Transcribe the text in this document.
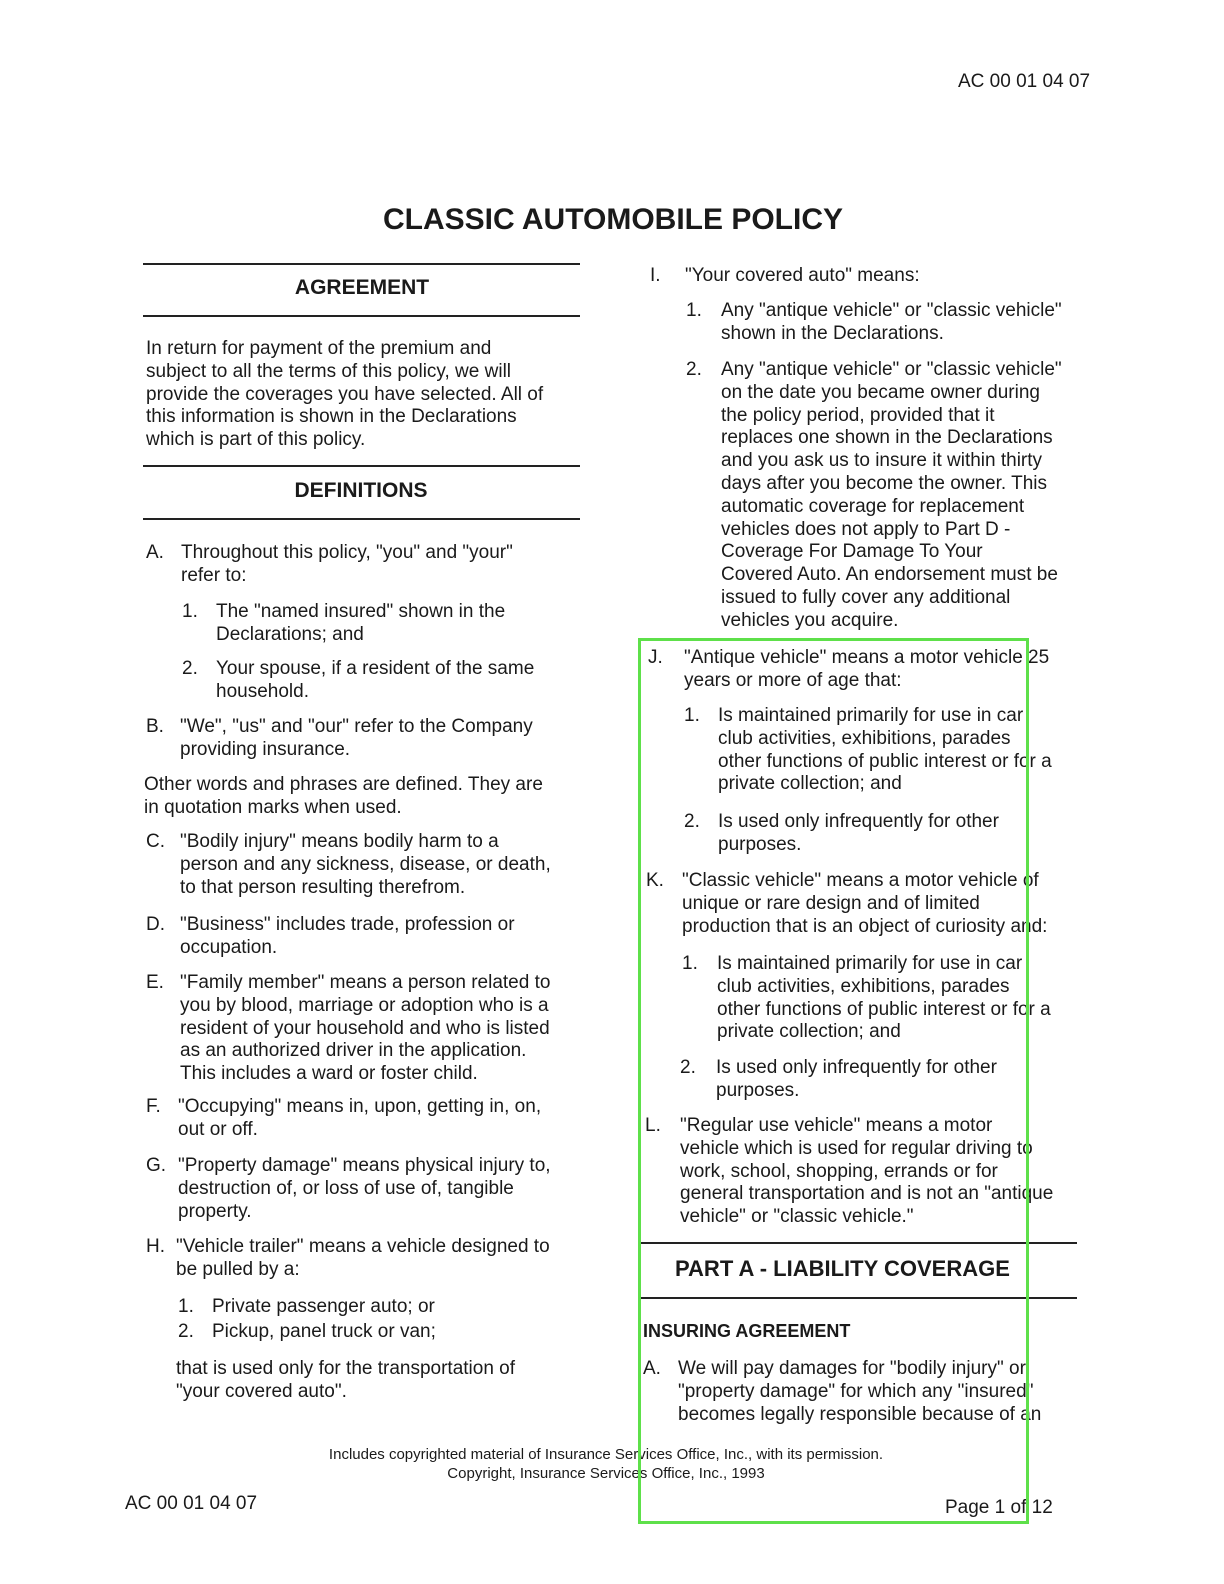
AC 00 01 04 07
CLASSIC AUTOMOBILE POLICY
AGREEMENT
DEFINITIONS
PART A - LIABILITY COVERAGE
INSURING AGREEMENT
In return for payment of the premium and
subject to all the terms of this policy, we will
provide the coverages you have selected. All of
this information is shown in the Declarations
which is part of this policy.
A. Throughout this policy, "you" and "your"
refer to:
1. The "named insured" shown in the
Declarations; and
2. Your spouse, if a resident of the same
household.
B. "We", "us" and "our" refer to the Company
providing insurance.
Other words and phrases are defined. They are
in quotation marks when used.
C. "Bodily injury" means bodily harm to a
person and any sickness, disease, or death,
to that person resulting therefrom.
D. "Business" includes trade, profession or
occupation.
E. "Family member" means a person related to
you by blood, marriage or adoption who is a
resident of your household and who is listed
as an authorized driver in the application.
This includes a ward or foster child.
F. "Occupying" means in, upon, getting in, on,
out or off.
G. "Property damage" means physical injury to,
destruction of, or loss of use of, tangible
property.
H. "Vehicle trailer" means a vehicle designed to
be pulled by a:
1. Private passenger auto; or
2. Pickup, panel truck or van;
that is used only for the transportation of
"your covered auto".
I. "Your covered auto" means:
1. Any "antique vehicle" or "classic vehicle"
shown in the Declarations.
2. Any "antique vehicle" or "classic vehicle"
on the date you became owner during
the policy period, provided that it
replaces one shown in the Declarations
and you ask us to insure it within thirty
days after you become the owner. This
automatic coverage for replacement
vehicles does not apply to Part D -
Coverage For Damage To Your
Covered Auto. An endorsement must be
issued to fully cover any additional
vehicles you acquire.
J. "Antique vehicle" means a motor vehicle 25
years or more of age that:
1. Is maintained primarily for use in car
club activities, exhibitions, parades
other functions of public interest or for a
private collection; and
2. Is used only infrequently for other
purposes.
K. "Classic vehicle" means a motor vehicle of
unique or rare design and of limited
production that is an object of curiosity and:
1. Is maintained primarily for use in car
club activities, exhibitions, parades
other functions of public interest or for a
private collection; and
2. Is used only infrequently for other
purposes.
L. "Regular use vehicle" means a motor
vehicle which is used for regular driving to
work, school, shopping, errands or for
general transportation and is not an "antique
vehicle" or "classic vehicle."
A. We will pay damages for "bodily injury" or
"property damage" for which any "insured"
becomes legally responsible because of an
Includes copyrighted material of Insurance Services Office, Inc., with its permission.
Copyright, Insurance Services Office, Inc., 1993
AC 00 01 04 07	Page 1 of 12
